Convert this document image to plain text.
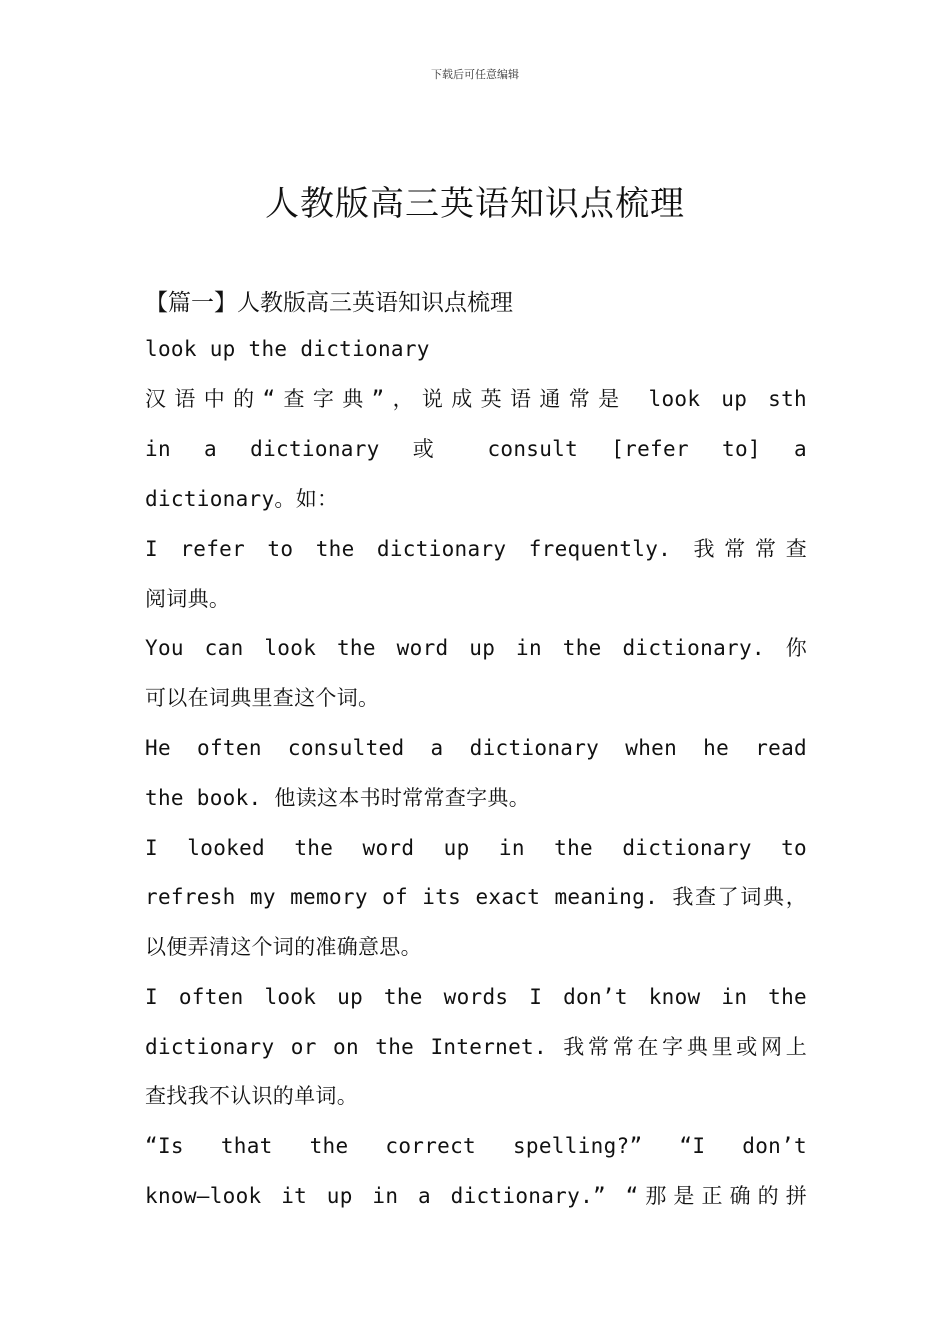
下载后可任意编辑
人教版高三英语知识点梳理
【篇一】人教版高三英语知识点梳理
look up the dictionary
汉语中的“查字典”，说成英语通常是 look up sth
in a dictionary 或 consult [refer to] a
dictionary。如：
I refer to the dictionary frequently. 我常常查
阅词典。
You can look the word up in the dictionary. 你
可以在词典里查这个词。
He often consulted a dictionary when he read
the book. 他读这本书时常常查字典。
I looked the word up in the dictionary to
refresh my memory of its exact meaning. 我查了词典，
以便弄清这个词的准确意思。
I often look up the words I don’t know in the
dictionary or on the Internet. 我常常在字典里或网上
查找我不认识的单词。
“Is that the correct spelling?” “I don’t
know—look it up in a dictionary.” “那是正确的拼
